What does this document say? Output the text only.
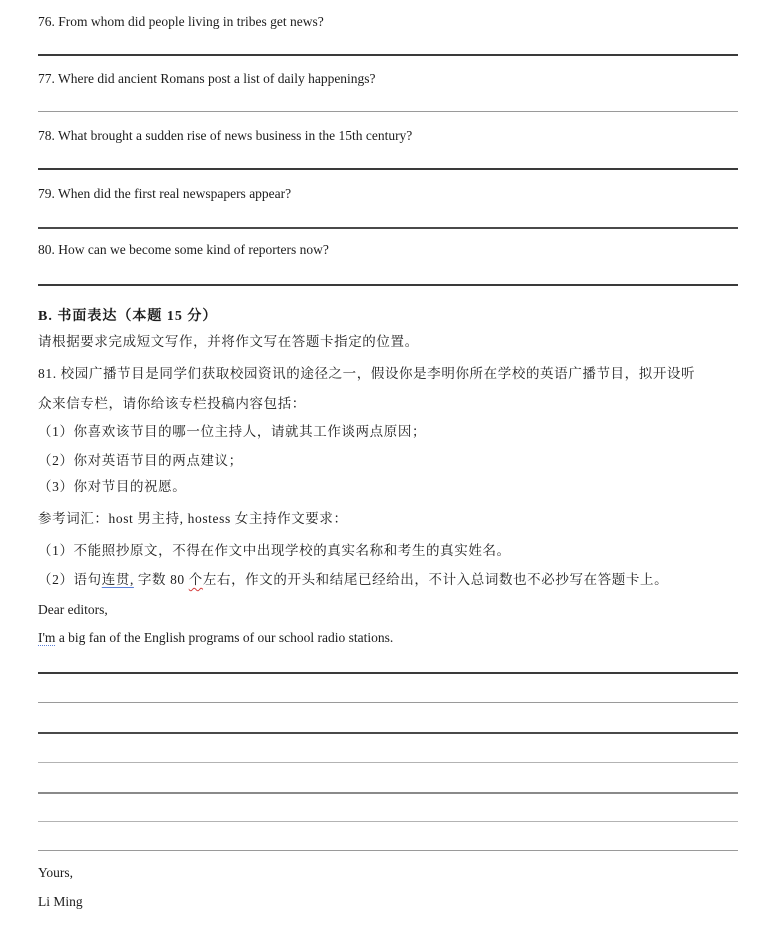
76. From whom did people living in tribes get news?
77. Where did ancient Romans post a list of daily happenings?
78. What brought a sudden rise of news business in the 15th century?
79. When did the first real newspapers appear?
80. How can we become some kind of reporters now?
B. 书面表达（本题 15 分）
请根据要求完成短文写作，并将作文写在答题卡指定的位置。
81. 校园广播节目是同学们获取校园资讯的途径之一，假设你是李明你所在学校的英语广播节目，拟开设听
众来信专栏，请你给该专栏投稿内容包括：
（1）你喜欢该节目的哪一位主持人，请就其工作谈两点原因；
（2）你对英语节目的两点建议；
（3）你对节目的祝愿。
参考词汇：host 男主持, hostess 女主持作文要求：
（1）不能照抄原文，不得在作文中出现学校的真实名称和考生的真实姓名。
（2）语句连贯, 字数 80 个左右，作文的开头和结尾已经给出，不计入总词数也不必抄写在答题卡上。
Dear editors,
I'm a big fan of the English programs of our school radio stations.
Yours,
Li Ming
